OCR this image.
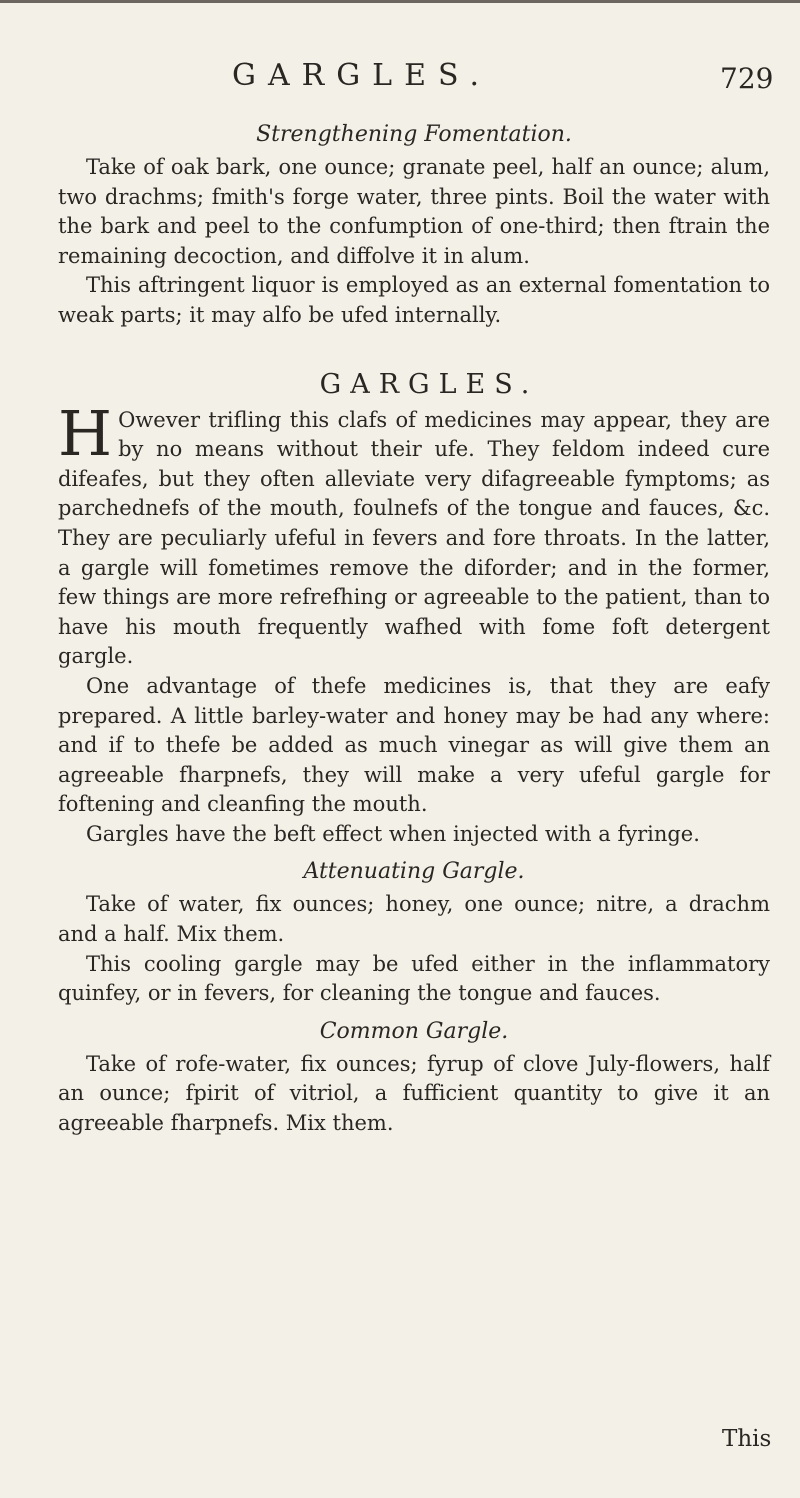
GARGLES.	729
Strengthening Fomentation.

Take of oak bark, one ounce; granate peel, half an ounce; alum, two drachms; fmith's forge water, three pints. Boil the water with the bark and peel to the confumption of one-third; then ftrain the remaining decoction, and diffolve it in alum.

This aftringent liquor is employed as an external fomentation to weak parts; it may alfo be ufed internally.

GARGLES.

H Owever trifling this clafs of medicines may appear, they are by no means without their ufe. They feldom indeed cure difeafes, but they often alleviate very difagreeable fymptoms; as parchednefs of the mouth, foulnefs of the tongue and fauces, &c. They are peculiarly ufeful in fevers and fore throats. In the latter, a gargle will fometimes remove the diforder; and in the former, few things are more refrefhing or agreeable to the patient, than to have his mouth frequently wafhed with fome foft detergent gargle.

One advantage of thefe medicines is, that they are eafy prepared. A little barley-water and honey may be had any where: and if to thefe be added as much vinegar as will give them an agreeable fharpnefs, they will make a very ufeful gargle for foftening and cleanfing the mouth.

Gargles have the beft effect when injected with a fyringe.

Attenuating Gargle.

Take of water, fix ounces; honey, one ounce; nitre, a drachm and a half. Mix them.

This cooling gargle may be ufed either in the inflammatory quinfey, or in fevers, for cleaning the tongue and fauces.

Common Gargle.

Take of rofe-water, fix ounces; fyrup of clove July-flowers, half an ounce; fpirit of vitriol, a fufficient quantity to give it an agreeable fharpnefs. Mix them.

This
